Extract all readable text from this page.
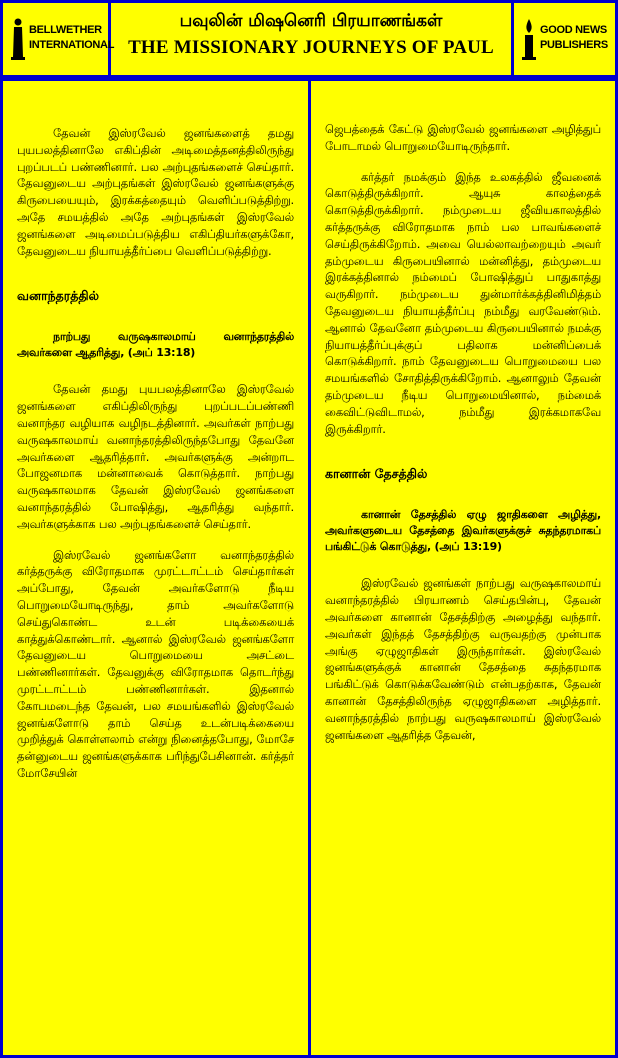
BELLWETHER
INTERNATIONAL
பவுலின் மிஷனெரி பிரயாணங்கள்
THE MISSIONARY JOURNEYS OF PAUL
GOOD NEWS
PUBLISHERS

தேவன் இஸ்ரவேல் ஜனங்களைத் தமது புயபலத்தினாலே எகிப்தின் அடிமைத்தனத்திலிருந்து புறப்படப் பண்ணினார். பல அற்புதங்களைச் செய்தார். தேவனுடைய அற்புதங்கள் இஸ்ரவேல் ஜனங்களுக்கு கிருபையையும், இரக்கத்தையும் வெளிப்படுத்திற்று. அதே சமயத்தில் அதே அற்புதங்கள் இஸ்ரவேல் ஜனங்களை அடிமைப்படுத்திய எகிப்தியர்களுக்கோ, தேவனுடைய நியாயத்தீர்ப்பை வெளிப்படுத்திற்று.

வனாந்தரத்தில்

நாற்பது வருஷகாலமாய் வனாந்தரத்தில் அவர்களை ஆதரித்து, (அப் 13:18)

தேவன் தமது புயபலத்தினாலே இஸ்ரவேல் ஜனங்களை எகிப்திலிருந்து புறப்படப்பண்ணி வனாந்தர வழியாக வழிநடத்தினார். அவர்கள் நாற்பது வருஷகாலமாய் வனாந்தரத்திலிருந்தபோது தேவனே அவர்களை ஆதரித்தார். அவர்களுக்கு அன்றாட போஜனமாக மன்னாவைக் கொடுத்தார். நாற்பது வருஷகாலமாக தேவன் இஸ்ரவேல் ஜனங்களை வனாந்தரத்தில் போஷித்து, ஆதரித்து வந்தார். அவர்களுக்காக பல அற்புதங்களைச் செய்தார்.

இஸ்ரவேல் ஜனங்களோ வனாந்தரத்தில் கர்த்தருக்கு விரோதமாக முரட்டாட்டம் செய்தார்கள் அப்போது, தேவன் அவர்களோடு நீடிய பொறுமையோடிருந்து, தாம் அவர்களோடு செய்துகொண்ட உடன் படிக்கையைக் காத்துக்கொண்டார். ஆனால் இஸ்ரவேல் ஜனங்களோ தேவனுடைய பொறுமையை அசட்டை பண்ணினார்கள். தேவனுக்கு விரோதமாக தொடர்ந்து முரட்டாட்டம் பண்ணினார்கள். இதனால் கோபமடைந்த தேவன், பல சமயங்களில் இஸ்ரவேல் ஜனங்களோடு தாம் செய்த உடன்படிக்கையை முறித்துக் கொள்ளலாம் என்று நினைத்தபோது, மோசே தன்னுடைய ஜனங்களுக்காக பரிந்துபேசினான். கர்த்தர் மோசேயின்

ஜெபத்தைக் கேட்டு இஸ்ரவேல் ஜனங்களை அழித்துப் போடாமல் பொறுமையோடிருந்தார்.

கர்த்தர் நமக்கும் இந்த உலகத்தில் ஜீவனைக் கொடுத்திருக்கிறார். ஆயுசு காலத்தைக் கொடுத்திருக்கிறார். நம்முடைய ஜீவியகாலத்தில் கர்த்தருக்கு விரோதமாக நாம் பல பாவங்களைச் செய்திருக்கிறோம். அவை யெல்லாவற்றையும் அவர் தம்முடைய கிருபையினால் மன்னித்து, தம்முடைய இரக்கத்தினால் நம்மைப் போஷித்துப் பாதுகாத்து வருகிறார். நம்முடைய துன்மார்க்கத்தினிமித்தம் தேவனுடைய நியாயத்தீர்ப்பு நம்மீது வரவேண்டும். ஆனால் தேவனோ தம்முடைய கிருபையினால் நமக்கு நியாயத்தீர்ப்புக்குப் பதிலாக மன்னிப்பைக் கொடுக்கிறார். நாம் தேவனுடைய பொறுமையை பல சமயங்களில் சோதித்திருக்கிறோம். ஆனாலும் தேவன் தம்முடைய நீடிய பொறுமையினால், நம்மைக் கைவிட்டுவிடாமல், நம்மீது இரக்கமாகவே இருக்கிறார்.

கானான் தேசத்தில்

கானான் தேசத்தில் ஏழு ஜாதிகளை அழித்து, அவர்களுடைய தேசத்தை இவர்களுக்குச் சுதந்தரமாகப் பங்கிட்டுக் கொடுத்து, (அப் 13:19)

இஸ்ரவேல் ஜனங்கள் நாற்பது வருஷகாலமாய் வனாந்தரத்தில் பிரயாணம் செய்தபின்பு, தேவன் அவர்களை கானான் தேசத்திற்கு அழைத்து வந்தார். அவர்கள் இந்தத் தேசத்திற்கு வருவதற்கு முன்பாக அங்கு ஏழுஜாதிகள் இருந்தார்கள். இஸ்ரவேல் ஜனங்களுக்குக் கானான் தேசத்தை சுதந்தரமாக பங்கிட்டுக் கொடுக்கவேண்டும் என்பதற்காக, தேவன் கானான் தேசத்திலிருந்த ஏழுஜாதிகளை அழித்தார். வனாந்தரத்தில் நாற்பது வருஷகாலமாய் இஸ்ரவேல் ஜனங்களை ஆதரித்த தேவன்,
